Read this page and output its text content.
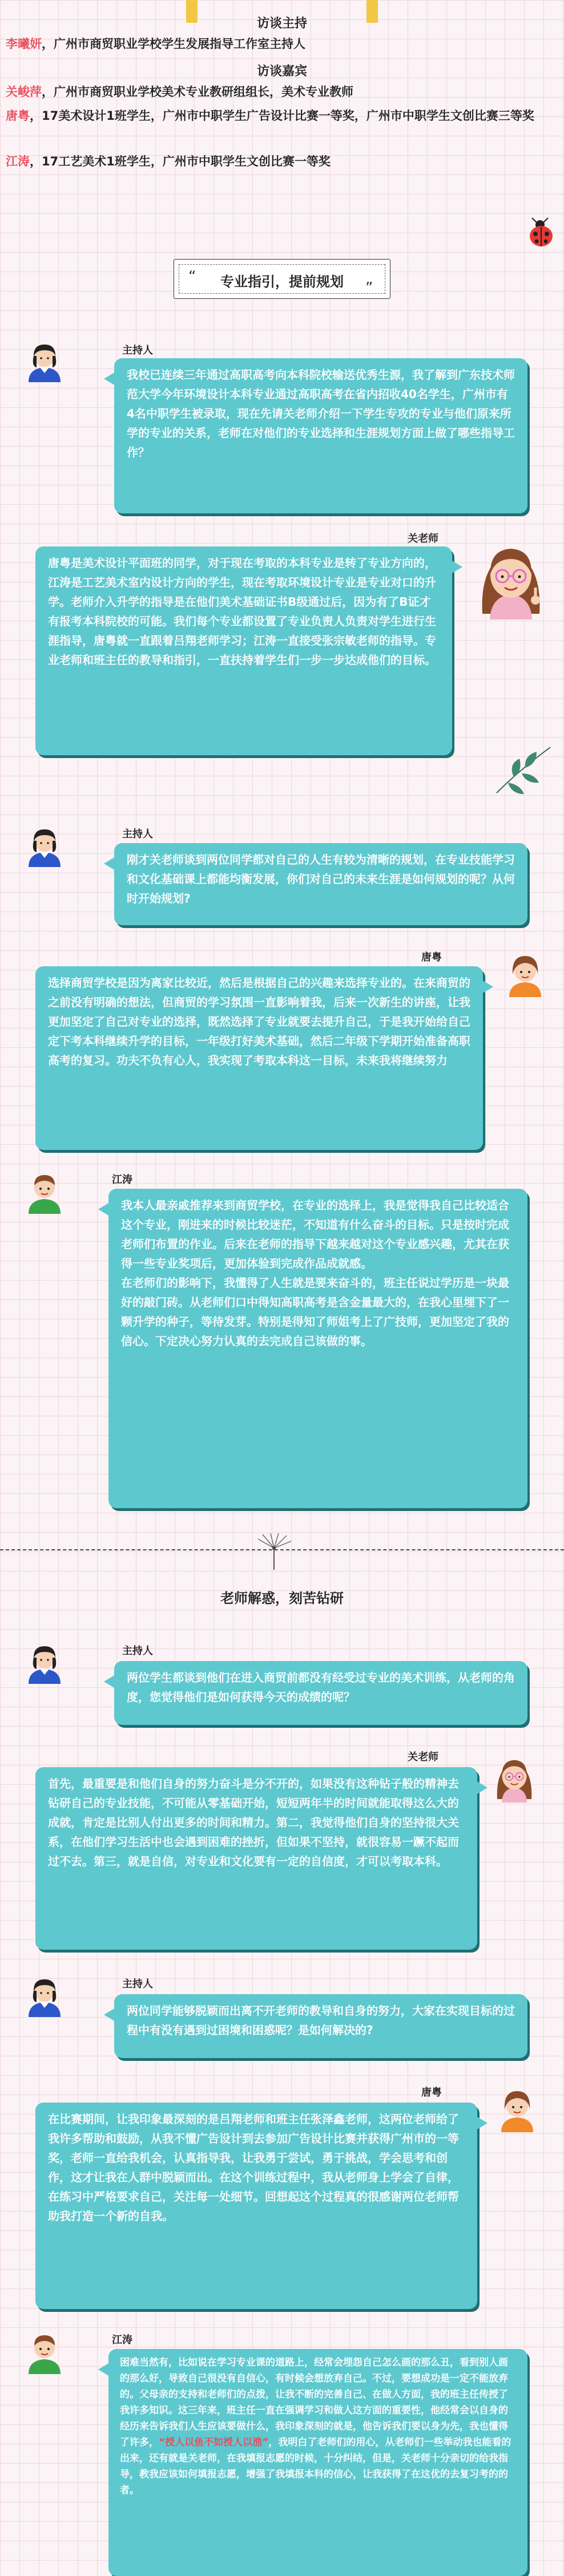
访谈主持
李曦妍，广州市商贸职业学校学生发展指导工作室主持人
访谈嘉宾
关峻萍，广州市商贸职业学校美术专业教研组组长，美术专业教师
唐粤，17美术设计1班学生，广州市中职学生广告设计比赛一等奖，广州市中职学生文创比赛三等奖
江涛，17工艺美术1班学生，广州市中职学生文创比赛一等奖
专业指引，提前规划
“
”
主持人
我校已连续三年通过高职高考向本科院校输送优秀生源，我了解到广东技术师范大学今年环境设计本科专业通过高职高考在省内招收40名学生，广州市有4名中职学生被录取，现在先请关老师介绍一下学生专攻的专业与他们原来所学的专业的关系，老师在对他们的专业选择和生涯规划方面上做了哪些指导工作？
关老师
唐粤是美术设计平面班的同学，对于现在考取的本科专业是转了专业方向的，江涛是工艺美术室内设计方向的学生，现在考取环境设计专业是专业对口的升学。老师介入升学的指导是在他们美术基础证书B级通过后，因为有了B证才有报考本科院校的可能。我们每个专业都设置了专业负责人负责对学生进行生涯指导，唐粤就一直跟着吕翔老师学习；江涛一直接受张宗敏老师的指导。专业老师和班主任的教导和指引，一直扶持着学生们一步一步达成他们的目标。
主持人
刚才关老师谈到两位同学都对自己的人生有较为清晰的规划，在专业技能学习和文化基础课上都能均衡发展，你们对自己的未来生涯是如何规划的呢？从何时开始规划?
唐粤
选择商贸学校是因为离家比较近，然后是根据自己的兴趣来选择专业的。在来商贸的之前没有明确的想法，但商贸的学习氛围一直影响着我，后来一次新生的讲座，让我更加坚定了自己对专业的选择，既然选择了专业就要去提升自己，于是我开始给自己定下考本科继续升学的目标，一年级打好美术基础，然后二年级下学期开始准备高职高考的复习。功夫不负有心人，我实现了考取本科这一目标，未来我将继续努力
江涛
我本人最亲戚推荐来到商贸学校，在专业的选择上，我是觉得我自己比较适合这个专业，刚进来的时候比较迷茫，不知道有什么奋斗的目标。只是按时完成老师们布置的作业。后来在老师的指导下越来越对这个专业感兴趣，尤其在获得一些专业奖项后，更加体验到完成作品成就感。
在老师们的影响下，我懂得了人生就是要来奋斗的，班主任说过学历是一块最好的敲门砖。从老师们口中得知高职高考是含金量最大的，在我心里埋下了一颗升学的种子，等待发芽。特别是得知了师姐考上了广技师，更加坚定了我的信心。下定决心努力认真的去完成自己该做的事。
老师解惑，刻苦钻研
主持人
两位学生都谈到他们在进入商贸前都没有经受过专业的美术训练，从老师的角度，您觉得他们是如何获得今天的成绩的呢？
关老师
首先，最重要是和他们自身的努力奋斗是分不开的，如果没有这种钻子般的精神去钻研自己的专业技能，不可能从零基础开始，短短两年半的时间就能取得这么大的成就，肯定是比别人付出更多的时间和精力。第二，我觉得他们自身的坚持很大关系，在他们学习生活中也会遇到困难的挫折，但如果不坚持，就很容易一蹶不起而过不去。第三，就是自信，对专业和文化要有一定的自信度，才可以考取本科。
主持人
两位同学能够脱颖而出离不开老师的教导和自身的努力，大家在实现目标的过程中有没有遇到过困境和困惑呢？是如何解决的?
唐粤
在比赛期间，让我印象最深刻的是吕翔老师和班主任张泽鑫老师，这两位老师给了我许多帮助和鼓励，从我不懂广告设计到去参加广告设计比赛并获得广州市的一等奖，老师一直给我机会，认真指导我，让我勇于尝试，勇于挑战，学会思考和创作，这才让我在人群中脱颖而出。在这个训练过程中，我从老师身上学会了自律，在练习中严格要求自己，关注每一处细节。回想起这个过程真的很感谢两位老师帮助我打造一个新的自我。
江涛
困难当然有，比如说在学习专业课的道路上，经常会埋怨自己怎么画的那么丑，看到别人画的那么好，导致自己很没有自信心，有时候会想放弃自己。不过，要想成功是一定不能放弃的。父母亲的支持和老师们的点拨，让我不断的完善自己、在做人方面，我的班主任传授了我许多知识。这三年来，班主任一直在强调学习和做人这方面的重要性，他经常会以自身的经历来告诉我们人生应该要做什么，我印象深刻的就是，他告诉我们要以身为先，我也懂得了许多，“授人以鱼不如授人以渔”，我明白了老师们的用心，从老师们一些举动我也能看的出来，还有就是关老师，在我填报志愿的时候，十分纠结，但是，关老师十分亲切的给我指导，教我应该如何填报志愿，增强了我填报本科的信心，让我获得了在这优的去复习考的的者。
